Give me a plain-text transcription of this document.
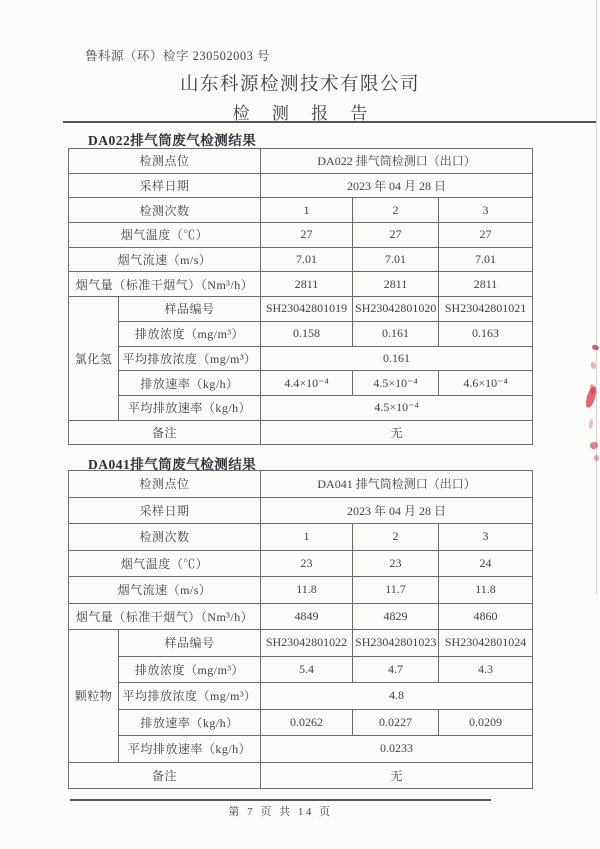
鲁科源（环）检字 230502003 号
山东科源检测技术有限公司
检 测 报 告
DA022排气筒废气检测结果
检测点位		DA022 排气筒检测口（出口）		
采样日期		2023 年 04 月 28 日		
检测次数		1	2	3
烟气温度（℃）		27	27	27
烟气流速（m/s）		7.01	7.01	7.01
烟气量（标准干烟气）（Nm³/h）		2811	2811	2811
氯化氢	样品编号	SH23042801019	SH23042801020	SH23042801021
	排放浓度（mg/m³）	0.158	0.161	0.163
	平均排放浓度（mg/m³）	0.161		
	排放速率（kg/h）	4.4×10⁻⁴	4.5×10⁻⁴	4.6×10⁻⁴
	平均排放速率（kg/h）	4.5×10⁻⁴		
备注		无		
DA041排气筒废气检测结果
检测点位		DA041 排气筒检测口（出口）		
采样日期		2023 年 04 月 28 日		
检测次数		1	2	3
烟气温度（℃）		23	23	24
烟气流速（m/s）		11.8	11.7	11.8
烟气量（标准干烟气）（Nm³/h）		4849	4829	4860
颗粒物	样品编号	SH23042801022	SH23042801023	SH23042801024
	排放浓度（mg/m³）	5.4	4.7	4.3
	平均排放浓度（mg/m³）	4.8		
	排放速率（kg/h）	0.0262	0.0227	0.0209
	平均排放速率（kg/h）	0.0233		
备注		无		
第 7 页 共 14 页
